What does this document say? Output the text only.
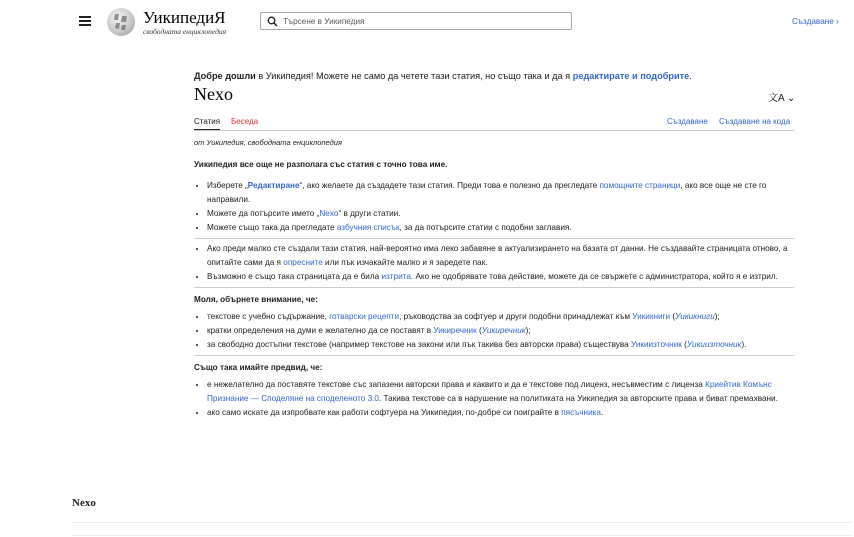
УикипедиЯ
свободната енциклопедия
Търсене в Уикипедия
Създаване ›
Добре дошли в Уикипедия! Можете не само да четете тази статия, но също така и да я редактирате и подобрите.
Nexo	文A ⌄
Статия Беседа	Създаване Създаване на кода
от Уикипедия, свободната енциклопедия
Уикипедия все още не разполага със статия с точно това име.
• Изберете „Редактиране“, ако желаете да създадете тази статия. Преди това е полезно да прегледате помощните страници, ако все още не сте го направили.
• Можете да потърсите името „Nexo“ в други статии.
• Можете също така да прегледате азбучния списък, за да потърсите статии с подобни заглавия.
• Ако преди малко сте създали тази статия, най-вероятно има леко забавяне в актуализирането на базата от данни. Не създавайте страницата отново, а опитайте сами да я опресните или пък изчакайте малко и я заредете пак.
• Възможно е също така страницата да е била изтрита. Ако не одобрявате това действие, можете да се свържете с администратора, който я е изтрил.
Моля, обърнете внимание, че:
• текстове с учебно съдържание, готварски рецепти, ръководства за софтуер и други подобни принадлежат към Уикикниги (Уикикниги);
• кратки определения на думи е желателно да се поставят в Уикиречник (Уикиречник);
• за свободно достъпни текстове (например текстове на закони или пък такива без авторски права) съществува Уикиизточник (Уикиизточник).
Също така имайте предвид, че:
• е нежелателно да поставяте текстове със запазени авторски права и каквито и да е текстове под лиценз, несъвместим с лиценза Криейтив Комънс Признание — Споделяне на споделеното 3.0. Такива текстове са в нарушение на политиката на Уикипедия за авторските права и биват премахвани.
• ако само искате да изпробвате как работи софтуера на Уикипедия, по-добре си поиграйте в пясъчника.
Nexo
